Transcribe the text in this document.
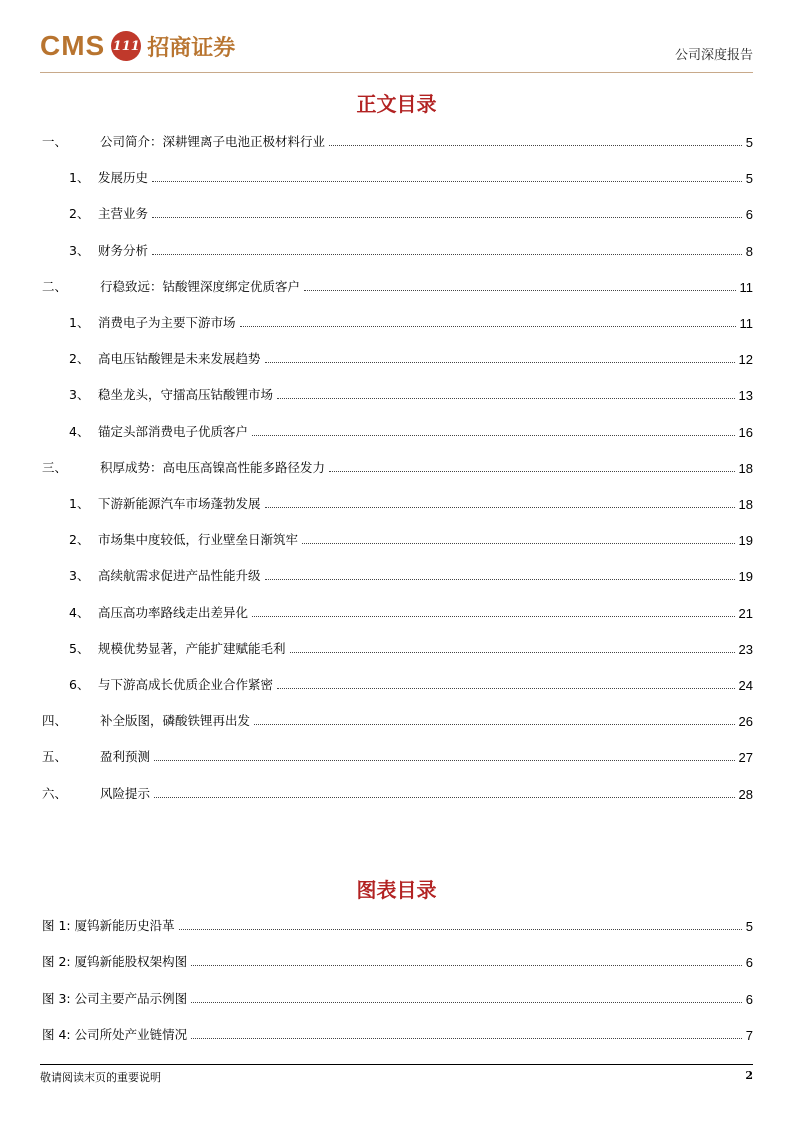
CMS 111 招商证券	公司深度报告
正文目录
一、	公司简介：深耕锂离子电池正极材料行业	5
1、 发展历史	5
2、 主营业务	6
3、 财务分析	8
二、	行稳致远：钴酸锂深度绑定优质客户	11
1、 消费电子为主要下游市场	11
2、 高电压钴酸锂是未来发展趋势	12
3、 稳坐龙头，守擂高压钴酸锂市场	13
4、 锚定头部消费电子优质客户	16
三、	积厚成势：高电压高镍高性能多路径发力	18
1、 下游新能源汽车市场蓬勃发展	18
2、 市场集中度较低，行业壁垒日渐筑牢	19
3、 高续航需求促进产品性能升级	19
4、 高压高功率路线走出差异化	21
5、 规模优势显著，产能扩建赋能毛利	23
6、 与下游高成长优质企业合作紧密	24
四、	补全版图，磷酸铁锂再出发	26
五、	盈利预测	27
六、	风险提示	28
图表目录
图 1: 厦钨新能历史沿革	5
图 2: 厦钨新能股权架构图	6
图 3: 公司主要产品示例图	6
图 4: 公司所处产业链情况	7
敬请阅读末页的重要说明	2
